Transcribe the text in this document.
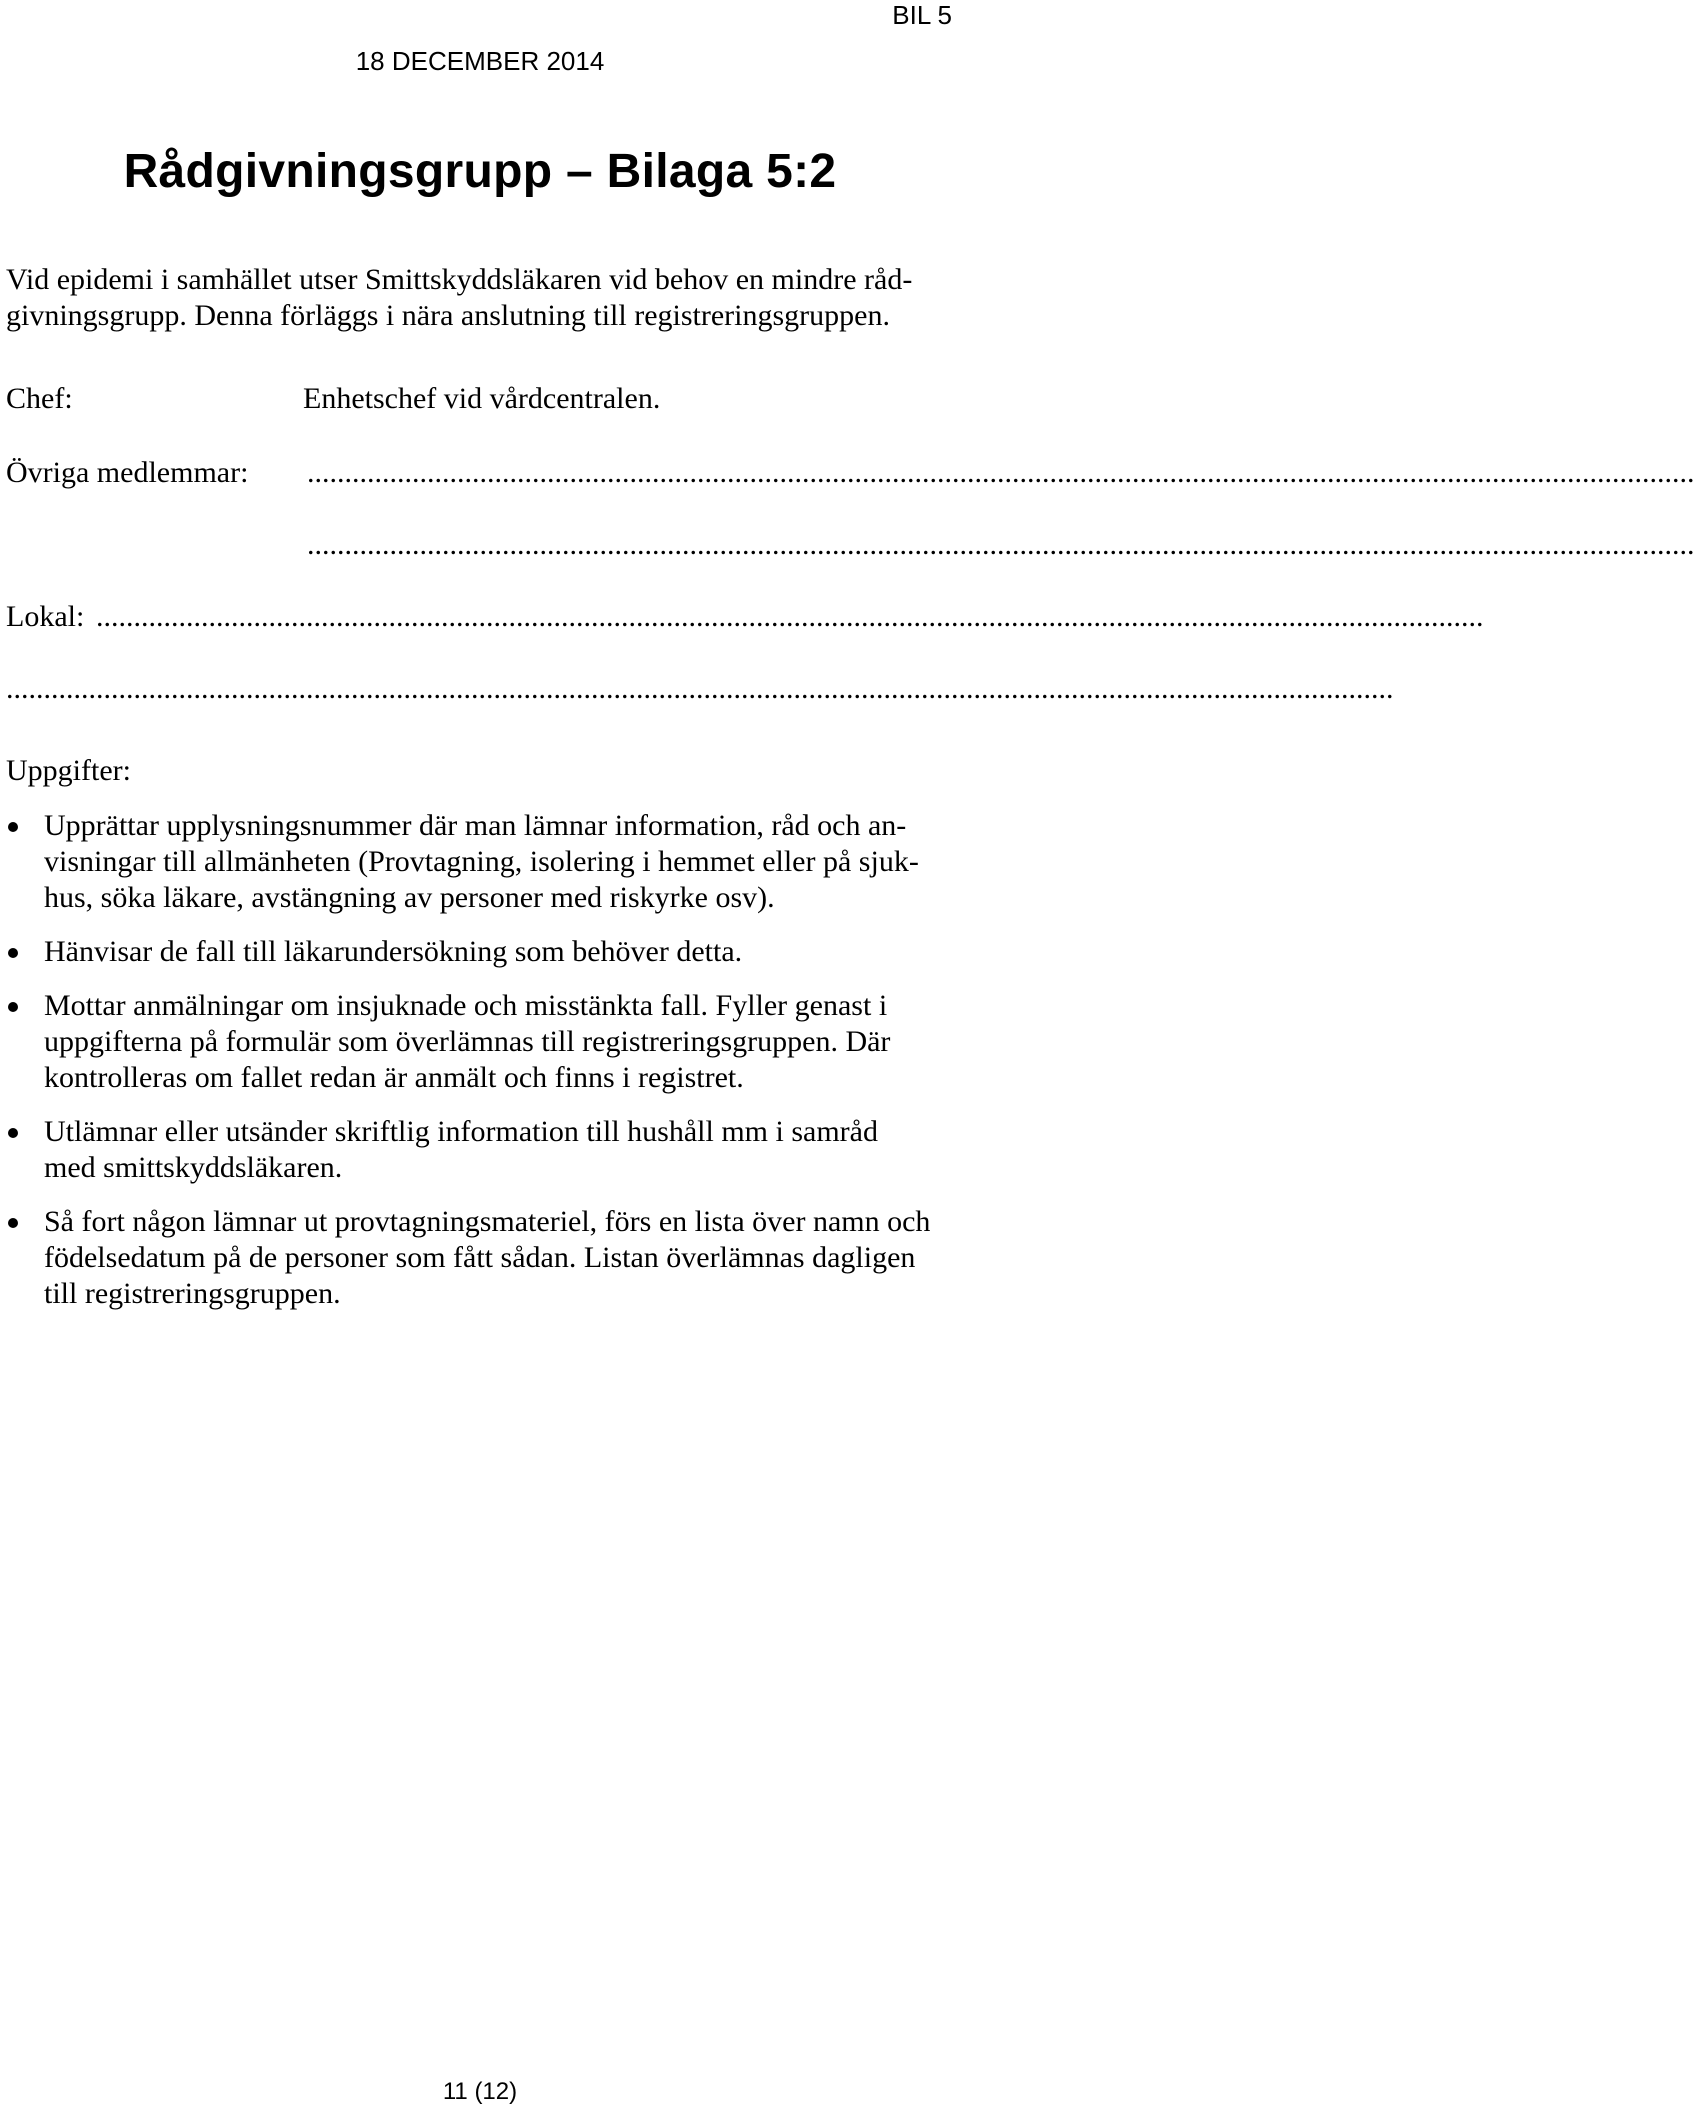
BIL 5
18 DECEMBER 2014
Rådgivningsgrupp – Bilaga 5:2
Vid epidemi i samhället utser Smittskyddsläkaren vid behov en mindre råd-
givningsgrupp. Denna förläggs i nära anslutning till registreringsgruppen.
Chef:	Enhetschef vid vårdcentralen.
Övriga medlemmar: .........................................................................................................................................................................................
.........................................................................................................................................................................................
Lokal: .........................................................................................................................................................................................
.........................................................................................................................................................................................
Uppgifter:
Upprättar upplysningsnummer där man lämnar information, råd och an-
visningar till allmänheten (Provtagning, isolering i hemmet eller på sjuk-
hus, söka läkare, avstängning av personer med riskyrke osv).
Hänvisar de fall till läkarundersökning som behöver detta.
Mottar anmälningar om insjuknade och misstänkta fall. Fyller genast i
uppgifterna på formulär som överlämnas till registreringsgruppen. Där
kontrolleras om fallet redan är anmält och finns i registret.
Utlämnar eller utsänder skriftlig information till hushåll mm i samråd
med smittskyddsläkaren.
Så fort någon lämnar ut provtagningsmateriel, förs en lista över namn och
födelsedatum på de personer som fått sådan. Listan överlämnas dagligen
till registreringsgruppen.
11 (12)
